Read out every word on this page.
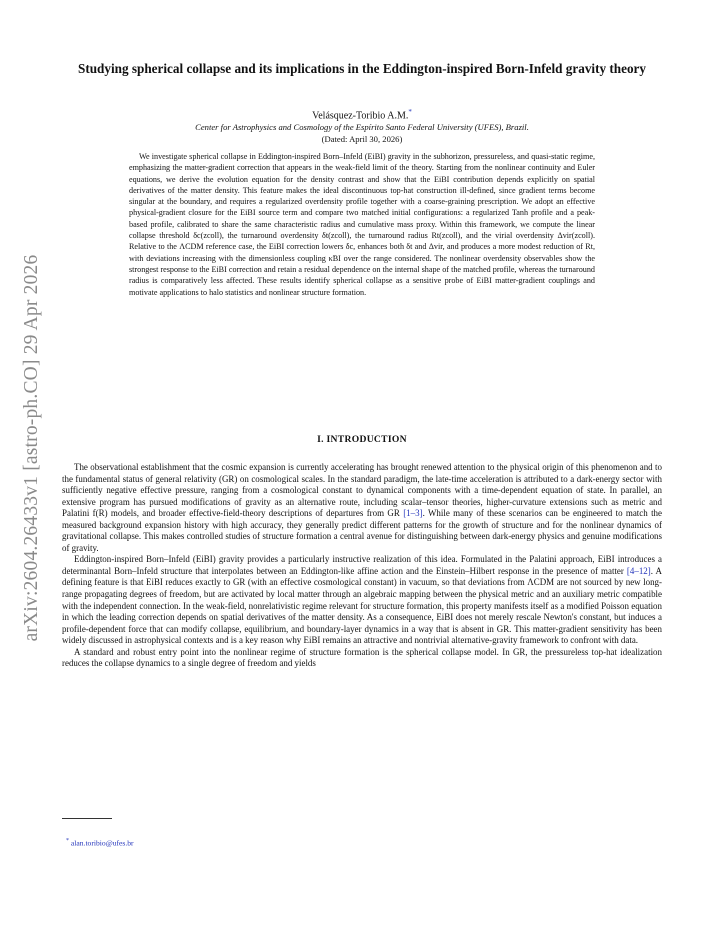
arXiv:2604.26433v1 [astro-ph.CO] 29 Apr 2026
Studying spherical collapse and its implications in the Eddington-inspired Born-Infeld gravity theory
Velásquez-Toribio A.M.*
Center for Astrophysics and Cosmology of the Espírito Santo Federal University (UFES), Brazil.
(Dated: April 30, 2026)

We investigate spherical collapse in Eddington-inspired Born–Infeld (EiBI) gravity in the subhorizon, pressureless, and quasi-static regime, emphasizing the matter-gradient correction that appears in the weak-field limit of the theory. Starting from the nonlinear continuity and Euler equations, we derive the evolution equation for the density contrast and show that the EiBI contribution depends explicitly on spatial derivatives of the matter density. This feature makes the ideal discontinuous top-hat construction ill-defined, since gradient terms become singular at the boundary, and requires a regularized overdensity profile together with a coarse-graining prescription. We adopt an effective physical-gradient closure for the EiBI source term and compare two matched initial configurations: a regularized Tanh profile and a peak-based profile, calibrated to share the same characteristic radius and cumulative mass proxy. Within this framework, we compute the linear collapse threshold δc(zcoll), the turnaround overdensity δt(zcoll), the turnaround radius Rt(zcoll), and the virial overdensity Δvir(zcoll). Relative to the ΛCDM reference case, the EiBI correction lowers δc, enhances both δt and Δvir, and produces a more modest reduction of Rt, with deviations increasing with the dimensionless coupling κ̃BI over the range considered. The nonlinear overdensity observables show the strongest response to the EiBI correction and retain a residual dependence on the internal shape of the matched profile, whereas the turnaround radius is comparatively less affected. These results identify spherical collapse as a sensitive probe of EiBI matter-gradient couplings and motivate applications to halo statistics and nonlinear structure formation.

I. INTRODUCTION

The observational establishment that the cosmic expansion is currently accelerating has brought renewed attention to the physical origin of this phenomenon and to the fundamental status of general relativity (GR) on cosmological scales. In the standard paradigm, the late-time acceleration is attributed to a dark-energy sector with sufficiently negative effective pressure, ranging from a cosmological constant to dynamical components with a time-dependent equation of state. In parallel, an extensive program has pursued modifications of gravity as an alternative route, including scalar–tensor theories, higher-curvature extensions such as metric and Palatini f(R) models, and broader effective-field-theory descriptions of departures from GR [1–3]. While many of these scenarios can be engineered to match the measured background expansion history with high accuracy, they generally predict different patterns for the growth of structure and for the nonlinear dynamics of gravitational collapse. This makes controlled studies of structure formation a central avenue for distinguishing between dark-energy physics and genuine modifications of gravity.

Eddington-inspired Born–Infeld (EiBI) gravity provides a particularly instructive realization of this idea. Formulated in the Palatini approach, EiBI introduces a determinantal Born–Infeld structure that interpolates between an Eddington-like affine action and the Einstein–Hilbert response in the presence of matter [4–12]. A defining feature is that EiBI reduces exactly to GR (with an effective cosmological constant) in vacuum, so that deviations from ΛCDM are not sourced by new long-range propagating degrees of freedom, but are activated by local matter through an algebraic mapping between the physical metric and an auxiliary metric compatible with the independent connection. In the weak-field, nonrelativistic regime relevant for structure formation, this property manifests itself as a modified Poisson equation in which the leading correction depends on spatial derivatives of the matter density. As a consequence, EiBI does not merely rescale Newton's constant, but induces a profile-dependent force that can modify collapse, equilibrium, and boundary-layer dynamics in a way that is absent in GR. This matter-gradient sensitivity has been widely discussed in astrophysical contexts and is a key reason why EiBI remains an attractive and nontrivial alternative-gravity framework to confront with data.

A standard and robust entry point into the nonlinear regime of structure formation is the spherical collapse model. In GR, the pressureless top-hat idealization reduces the collapse dynamics to a single degree of freedom and yields

* alan.toribio@ufes.br
